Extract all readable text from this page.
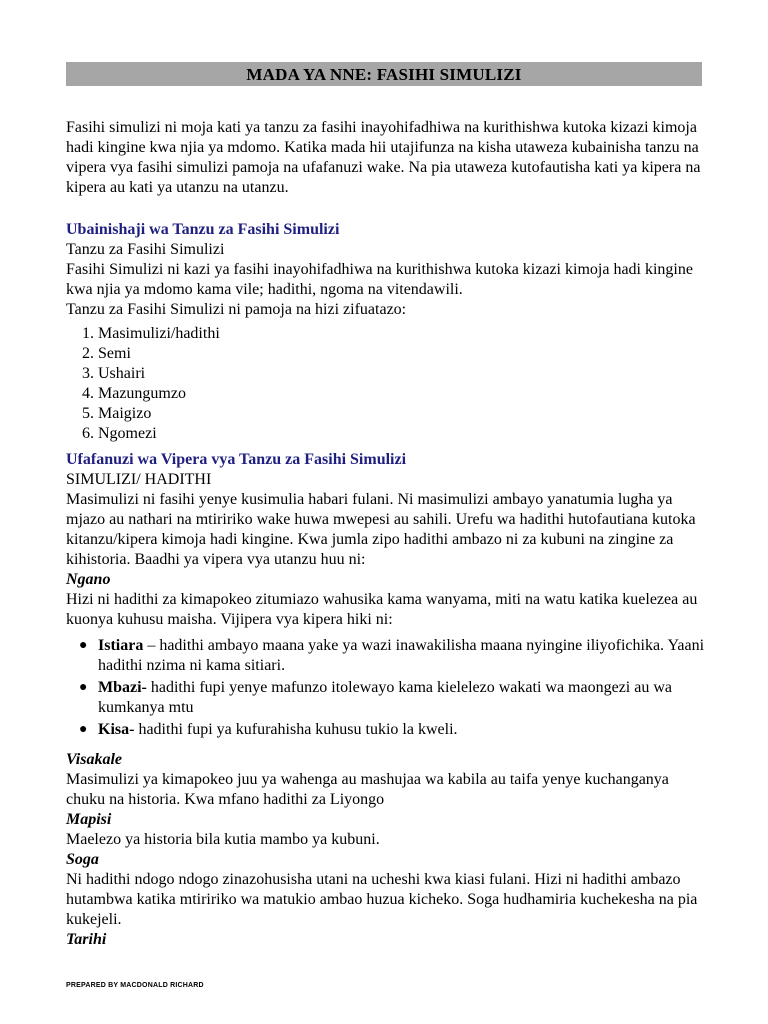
MADA YA NNE: FASIHI SIMULIZI

Fasihi simulizi ni moja kati ya tanzu za fasihi inayohifadhiwa na kurithishwa kutoka kizazi kimoja hadi kingine kwa njia ya mdomo. Katika mada hii utajifunza na kisha utaweza kubainisha tanzu na vipera vya fasihi simulizi pamoja na ufafanuzi wake. Na pia utaweza kutofautisha kati ya kipera na kipera au kati ya utanzu na utanzu.

Ubainishaji wa Tanzu za Fasihi Simulizi

Tanzu za Fasihi Simulizi

Fasihi Simulizi ni kazi ya fasihi inayohifadhiwa na kurithishwa kutoka kizazi kimoja hadi kingine kwa njia ya mdomo kama vile; hadithi, ngoma na vitendawili.

Tanzu za Fasihi Simulizi ni pamoja na hizi zifuatazo:

1. Masimulizi/hadithi
2. Semi
3. Ushairi
4. Mazungumzo
5. Maigizo
6. Ngomezi

Ufafanuzi wa Vipera vya Tanzu za Fasihi Simulizi

SIMULIZI/ HADITHI

Masimulizi ni fasihi yenye kusimulia habari fulani. Ni masimulizi ambayo yanatumia lugha ya mjazo au nathari na mtiririko wake huwa mwepesi au sahili. Urefu wa hadithi hutofautiana kutoka kitanzu/kipera kimoja hadi kingine. Kwa jumla zipo hadithi ambazo ni za kubuni na zingine za kihistoria. Baadhi ya vipera vya utanzu huu ni:

Ngano

Hizi ni hadithi za kimapokeo zitumiazo wahusika kama wanyama, miti na watu katika kuelezea au kuonya kuhusu maisha. Vijipera vya kipera hiki ni:

● Istiara – hadithi ambayo maana yake ya wazi inawakilisha maana nyingine iliyofichika. Yaani hadithi nzima ni kama sitiari.
● Mbazi- hadithi fupi yenye mafunzo itolewayo kama kielelezo wakati wa maongezi au wa kumkanya mtu
● Kisa- hadithi fupi ya kufurahisha kuhusu tukio la kweli.

Visakale

Masimulizi ya kimapokeo juu ya wahenga au mashujaa wa kabila au taifa yenye kuchanganya chuku na historia. Kwa mfano hadithi za Liyongo

Mapisi

Maelezo ya historia bila kutia mambo ya kubuni.

Soga

Ni hadithi ndogo ndogo zinazohusisha utani na ucheshi kwa kiasi fulani. Hizi ni hadithi ambazo hutambwa katika mtiririko wa matukio ambao huzua kicheko. Soga hudhamiria kuchekesha na pia kukejeli.

Tarihi

PREPARED BY MACDONALD RICHARD
